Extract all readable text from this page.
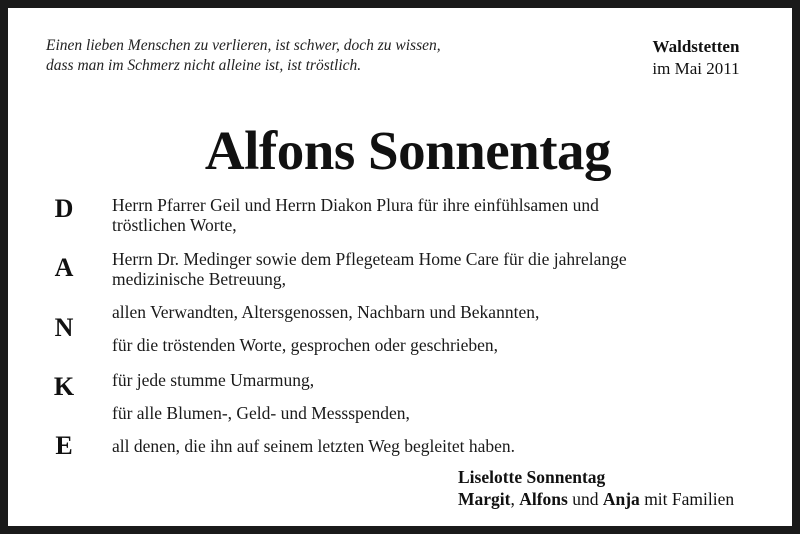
Einen lieben Menschen zu verlieren, ist schwer, doch zu wissen,
dass man im Schmerz nicht alleine ist, ist tröstlich.
Waldstetten
im Mai 2011
Alfons Sonnentag
D
A
N
K
E
Herrn Pfarrer Geil und Herrn Diakon Plura für ihre einfühlsamen und
tröstlichen Worte,
Herrn Dr. Medinger sowie dem Pflegeteam Home Care für die jahrelange
medizinische Betreuung,
allen Verwandten, Altersgenossen, Nachbarn und Bekannten,
für die tröstenden Worte, gesprochen oder geschrieben,
für jede stumme Umarmung,
für alle Blumen-, Geld- und Messspenden,
all denen, die ihn auf seinem letzten Weg begleitet haben.
Liselotte Sonnentag
Margit, Alfons und Anja mit Familien
